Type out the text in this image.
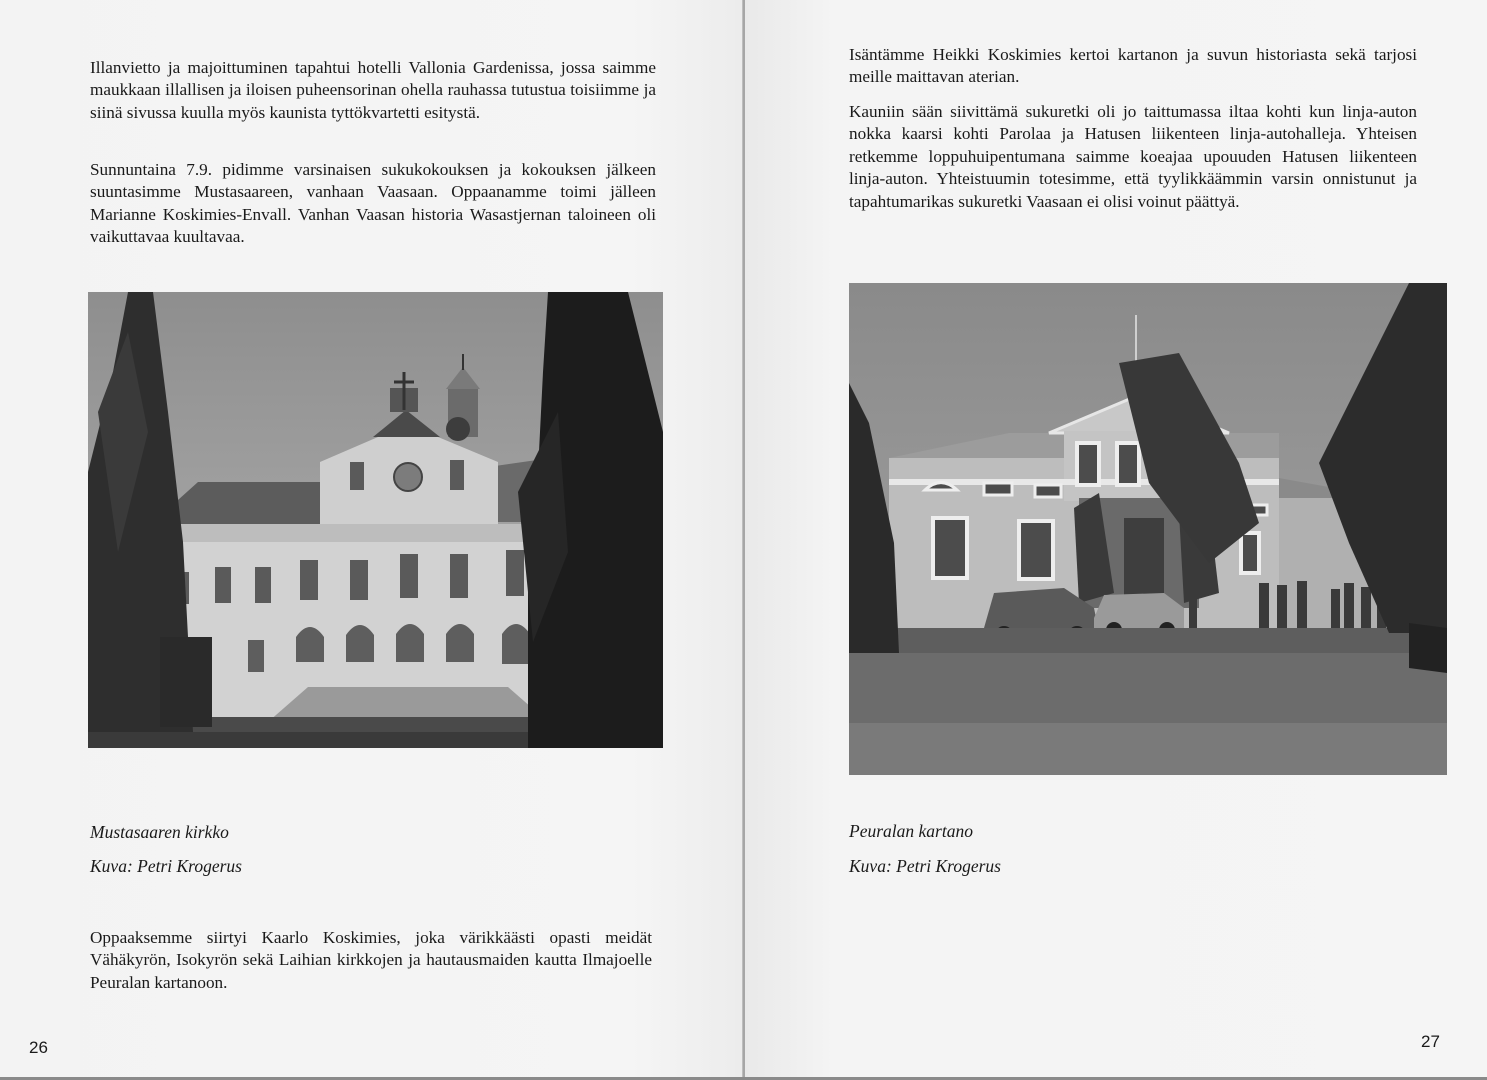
Illanvietto ja majoittuminen tapahtui hotelli Vallonia Gardenissa, jossa saimme maukkaan illallisen ja iloisen puheensorinan ohella rauhassa tutustua toisiimme ja siinä sivussa kuulla myös kaunista tyttökvartetti esitystä.

Sunnuntaina 7.9. pidimme varsinaisen sukukokouksen ja kokouksen jälkeen suuntasimme Mustasaareen, vanhaan Vaasaan. Oppaanamme toimi jälleen Marianne Koskimies-Envall. Vanhan Vaasan historia Wasastjernan taloineen oli vaikuttavaa kuultavaa.

Mustasaaren kirkko

Kuva: Petri Krogerus

Oppaaksemme siirtyi Kaarlo Koskimies, joka värikkäästi opasti meidät Vähäkyrön, Isokyrön sekä Laihian kirkkojen ja hautausmaiden kautta Ilmajoelle Peuralan kartanoon.

26

Isäntämme Heikki Koskimies kertoi kartanon ja suvun historiasta sekä tarjosi meille maittavan aterian.

Kauniin sään siivittämä sukuretki oli jo taittumassa iltaa kohti kun linja-auton nokka kaarsi kohti Parolaa ja Hatusen liikenteen linja-autohalleja. Yhteisen retkemme loppuhuipentumana saimme koeajaa upouuden Hatusen liikenteen linja-auton. Yhteistuumin totesimme, että tyylikkäämmin varsin onnistunut ja tapahtumarikas sukuretki Vaasaan ei olisi voinut päättyä.

Peuralan kartano

Kuva: Petri Krogerus

27
